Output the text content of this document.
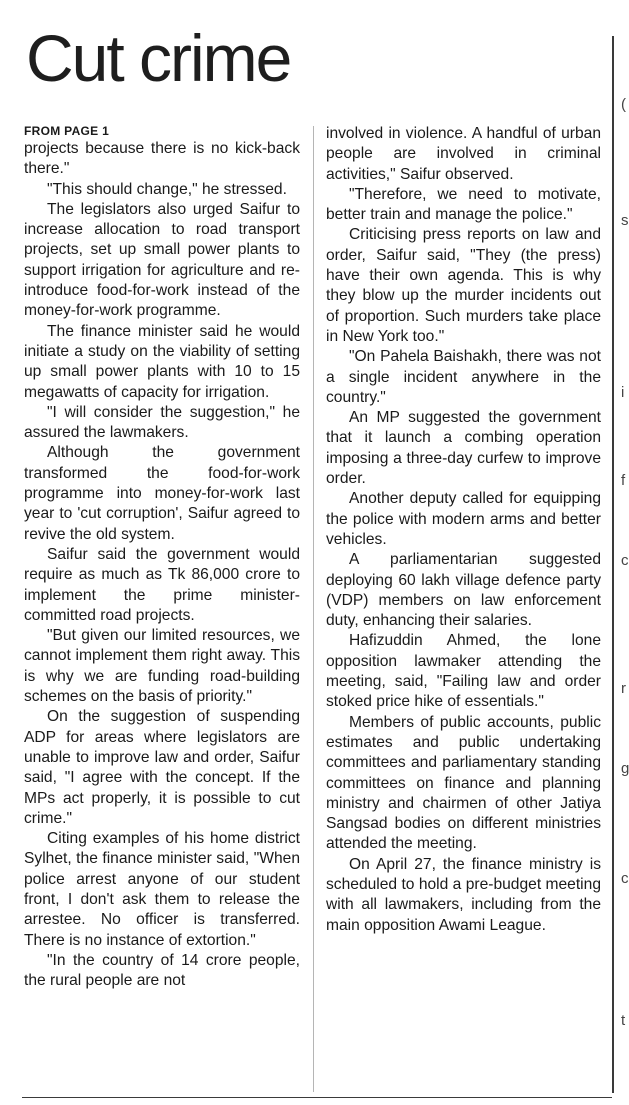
Cut crime
FROM PAGE 1

projects because there is no kick-back there."

"This should change," he stressed.

The legislators also urged Saifur to increase allocation to road transport projects, set up small power plants to support irrigation for agriculture and re-introduce food-for-work instead of the money-for-work programme.

The finance minister said he would initiate a study on the viability of setting up small power plants with 10 to 15 megawatts of capacity for irrigation.

"I will consider the suggestion," he assured the lawmakers.

Although the government transformed the food-for-work programme into money-for-work last year to 'cut corruption', Saifur agreed to revive the old system.

Saifur said the government would require as much as Tk 86,000 crore to implement the prime minister-committed road projects.

"But given our limited resources, we cannot implement them right away. This is why we are funding road-building schemes on the basis of priority."

On the suggestion of suspending ADP for areas where legislators are unable to improve law and order, Saifur said, "I agree with the concept. If the MPs act properly, it is possible to cut crime."

Citing examples of his home district Sylhet, the finance minister said, "When police arrest anyone of our student front, I don't ask them to release the arrestee. No officer is transferred. There is no instance of extortion."

"In the country of 14 crore people, the rural people are not

involved in violence. A handful of urban people are involved in criminal activities," Saifur observed.

"Therefore, we need to motivate, better train and manage the police."

Criticising press reports on law and order, Saifur said, "They (the press) have their own agenda. This is why they blow up the murder incidents out of proportion. Such murders take place in New York too."

"On Pahela Baishakh, there was not a single incident anywhere in the country."

An MP suggested the government that it launch a combing operation imposing a three-day curfew to improve order.

Another deputy called for equipping the police with modern arms and better vehicles.

A parliamentarian suggested deploying 60 lakh village defence party (VDP) members on law enforcement duty, enhancing their salaries.

Hafizuddin Ahmed, the lone opposition lawmaker attending the meeting, said, "Failing law and order stoked price hike of essentials."

Members of public accounts, public estimates and public undertaking committees and parliamentary standing committees on finance and planning ministry and chairmen of other Jatiya Sangsad bodies on different ministries attended the meeting.

On April 27, the finance ministry is scheduled to hold a pre-budget meeting with all lawmakers, including from the main opposition Awami League.

(
s
i
f
c
r
g
c
t
